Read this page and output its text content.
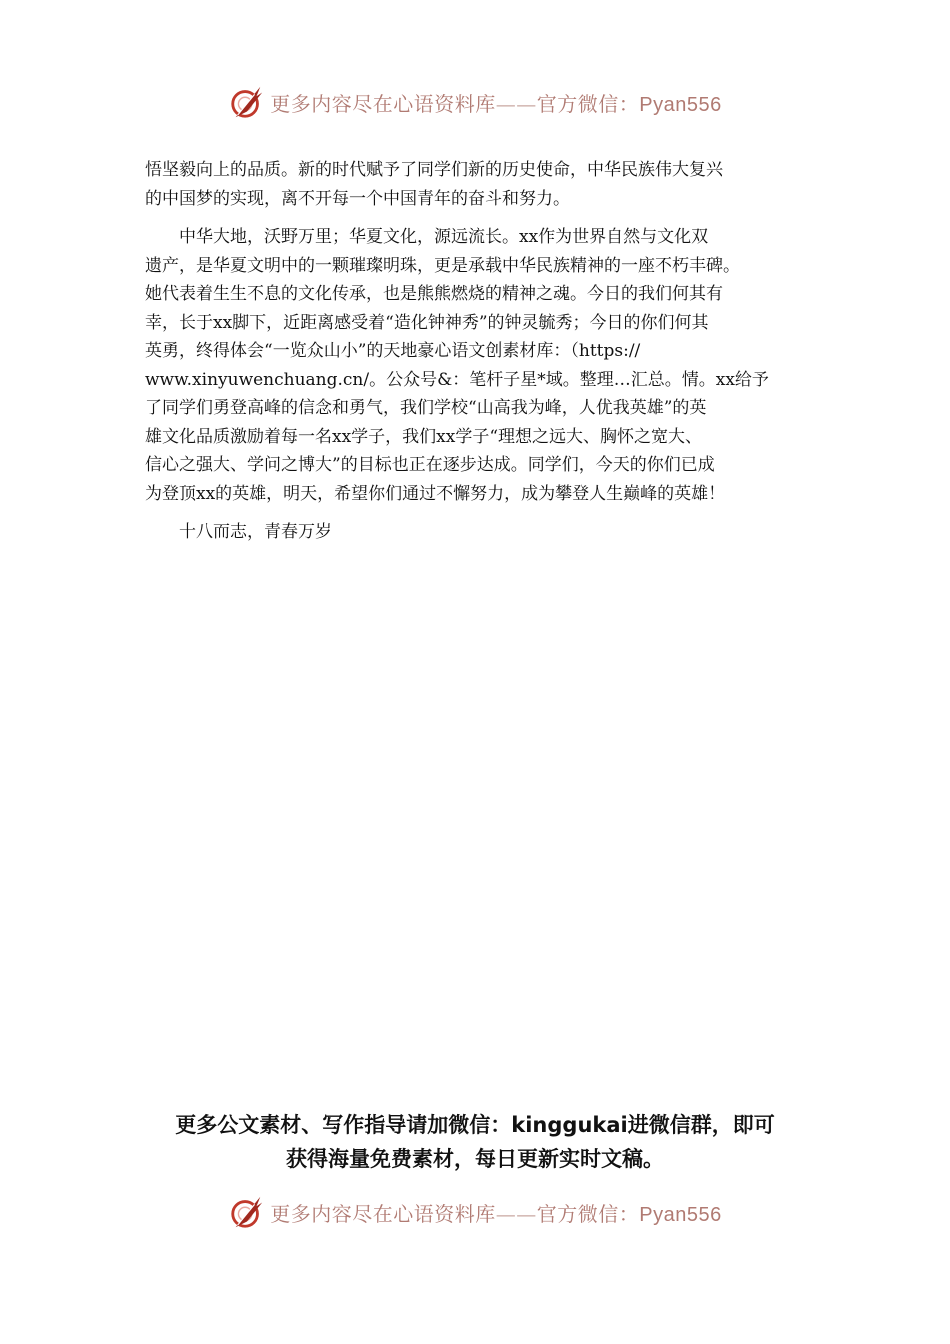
更多内容尽在心语资料库——官方微信：Pyan556

悟坚毅向上的品质。新的时代赋予了同学们新的历史使命，中华民族伟大复兴
的中国梦的实现，离不开每一个中国青年的奋斗和努力。

中华大地，沃野万里；华夏文化，源远流长。xx作为世界自然与文化双
遗产，是华夏文明中的一颗璀璨明珠，更是承载中华民族精神的一座不朽丰碑。
她代表着生生不息的文化传承，也是熊熊燃烧的精神之魂。今日的我们何其有
幸，长于xx脚下，近距离感受着“造化钟神秀”的钟灵毓秀；今日的你们何其
英勇，终得体会“一览众山小”的天地豪心语文创素材库：（https://
www.xinyuwenchuang.cn/。公众号&：笔杆子星*域。整理…汇总。情。xx给予
了同学们勇登高峰的信念和勇气，我们学校“山高我为峰，人优我英雄”的英
雄文化品质激励着每一名xx学子，我们xx学子“理想之远大、胸怀之宽大、
信心之强大、学问之博大”的目标也正在逐步达成。同学们，今天的你们已成
为登顶xx的英雄，明天，希望你们通过不懈努力，成为攀登人生巅峰的英雄！

十八而志，青春万岁

更多公文素材、写作指导请加微信：kinggukai进微信群，即可
获得海量免费素材，每日更新实时文稿。
更多内容尽在心语资料库——官方微信：Pyan556
